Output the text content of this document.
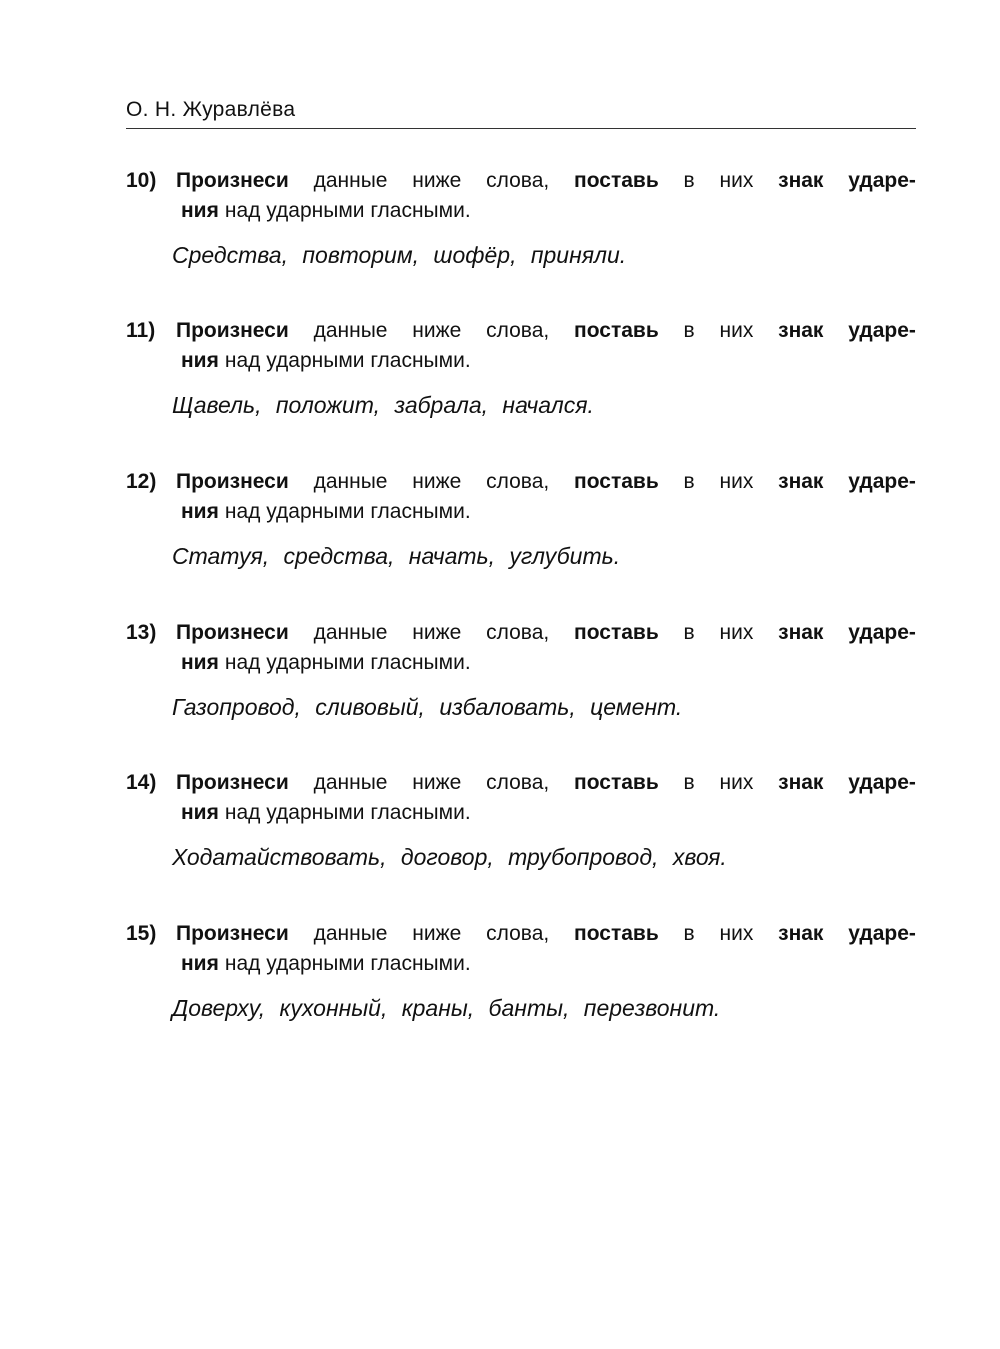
О. Н. Журавлёва
10) Произнеси данные ниже слова, поставь в них знак ударе-
ния над ударными гласными.
Средства, повторим, шофёр, приняли.
11) Произнеси данные ниже слова, поставь в них знак ударе-
ния над ударными гласными.
Щавель, положит, забрала, начался.
12) Произнеси данные ниже слова, поставь в них знак ударе-
ния над ударными гласными.
Статуя, средства, начать, углубить.
13) Произнеси данные ниже слова, поставь в них знак ударе-
ния над ударными гласными.
Газопровод, сливовый, избаловать, цемент.
14) Произнеси данные ниже слова, поставь в них знак ударе-
ния над ударными гласными.
Ходатайствовать, договор, трубопровод, хвоя.
15) Произнеси данные ниже слова, поставь в них знак ударе-
ния над ударными гласными.
Доверху, кухонный, краны, банты, перезвонит.
